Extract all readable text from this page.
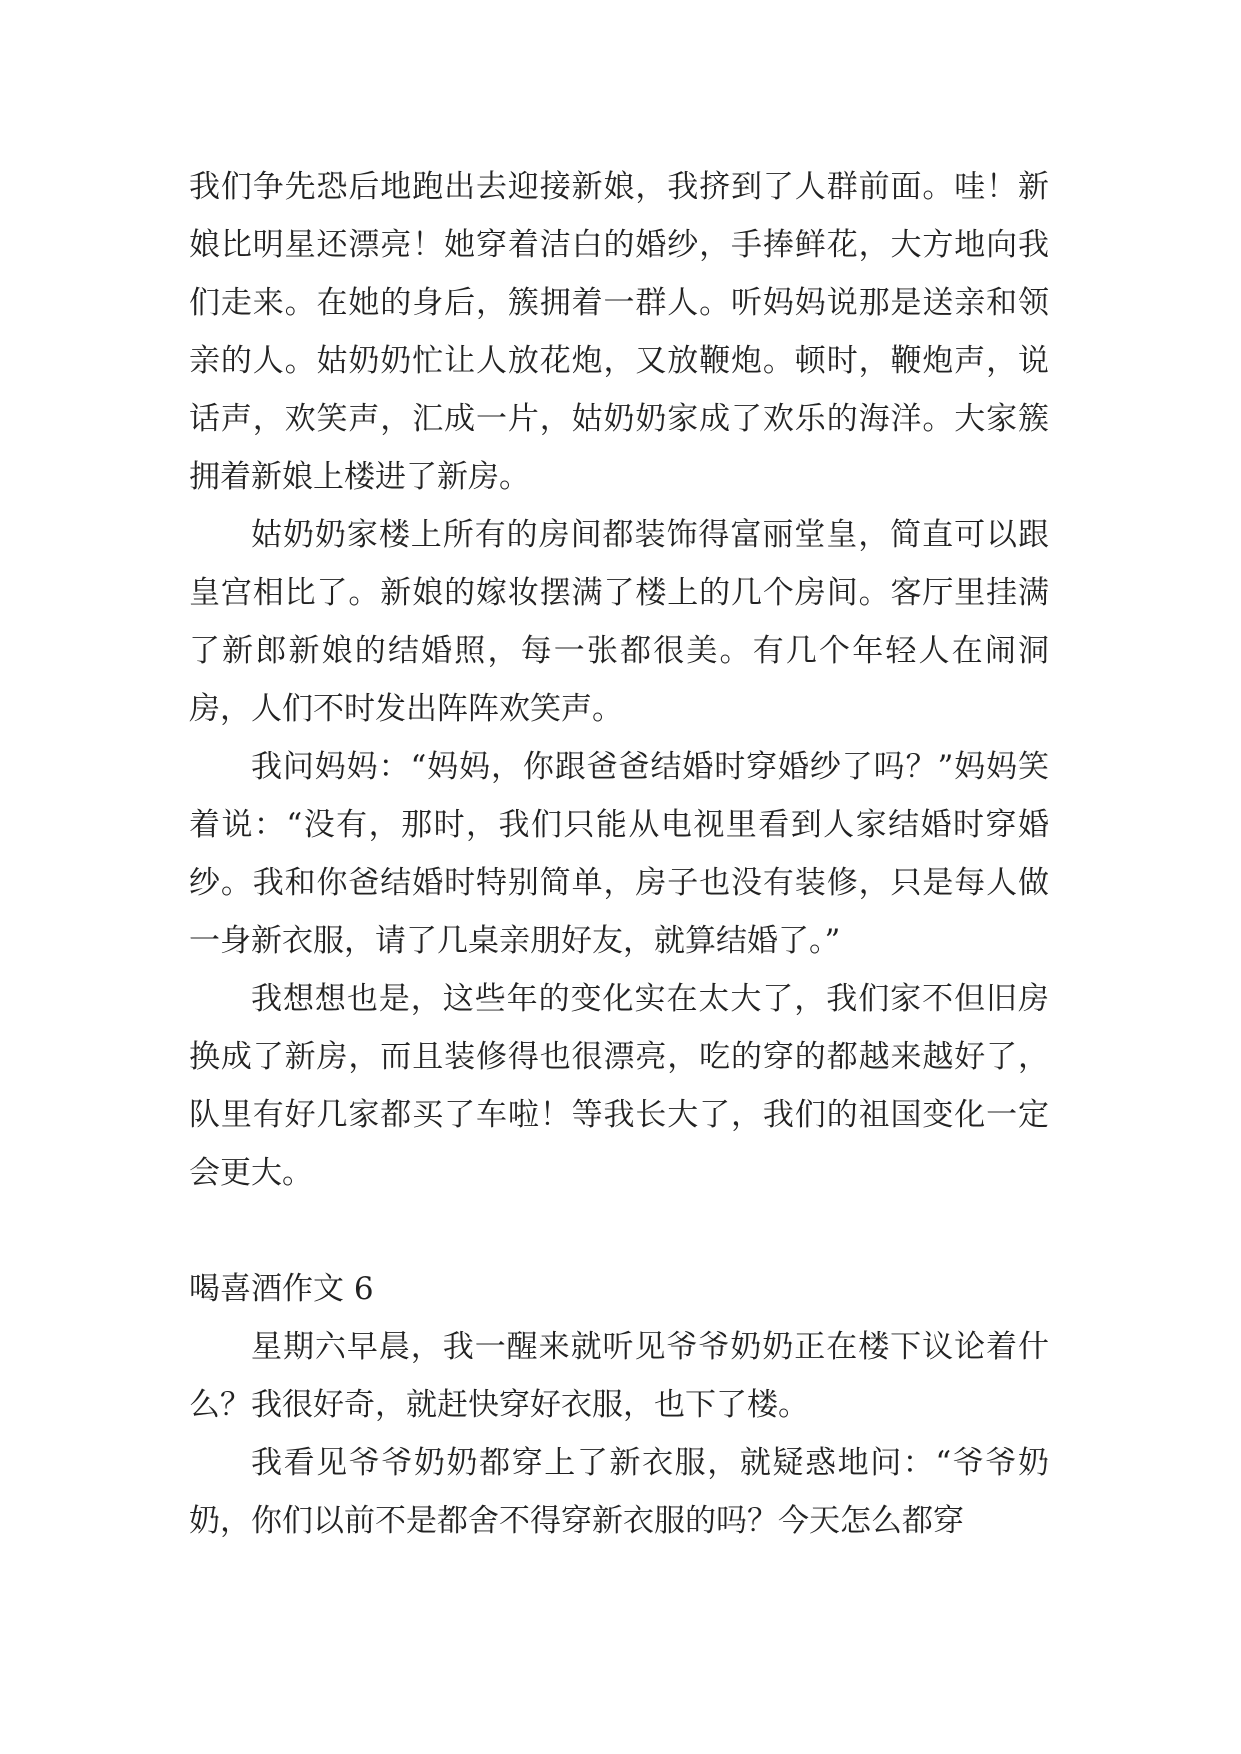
我们争先恐后地跑出去迎接新娘，我挤到了人群前面。哇！新娘比明星还漂亮！她穿着洁白的婚纱，手捧鲜花，大方地向我们走来。在她的身后，簇拥着一群人。听妈妈说那是送亲和领亲的人。姑奶奶忙让人放花炮，又放鞭炮。顿时，鞭炮声，说话声，欢笑声，汇成一片，姑奶奶家成了欢乐的海洋。大家簇拥着新娘上楼进了新房。

姑奶奶家楼上所有的房间都装饰得富丽堂皇，简直可以跟皇宫相比了。新娘的嫁妆摆满了楼上的几个房间。客厅里挂满了新郎新娘的结婚照，每一张都很美。有几个年轻人在闹洞房，人们不时发出阵阵欢笑声。

我问妈妈：“妈妈，你跟爸爸结婚时穿婚纱了吗？”妈妈笑着说：“没有，那时，我们只能从电视里看到人家结婚时穿婚纱。我和你爸结婚时特别简单，房子也没有装修，只是每人做一身新衣服，请了几桌亲朋好友，就算结婚了。”

我想想也是，这些年的变化实在太大了，我们家不但旧房换成了新房，而且装修得也很漂亮，吃的穿的都越来越好了，队里有好几家都买了车啦！等我长大了，我们的祖国变化一定会更大。

喝喜酒作文 6

星期六早晨，我一醒来就听见爷爷奶奶正在楼下议论着什么？我很好奇，就赶快穿好衣服，也下了楼。

我看见爷爷奶奶都穿上了新衣服，就疑惑地问：“爷爷奶奶，你们以前不是都舍不得穿新衣服的吗？今天怎么都穿
